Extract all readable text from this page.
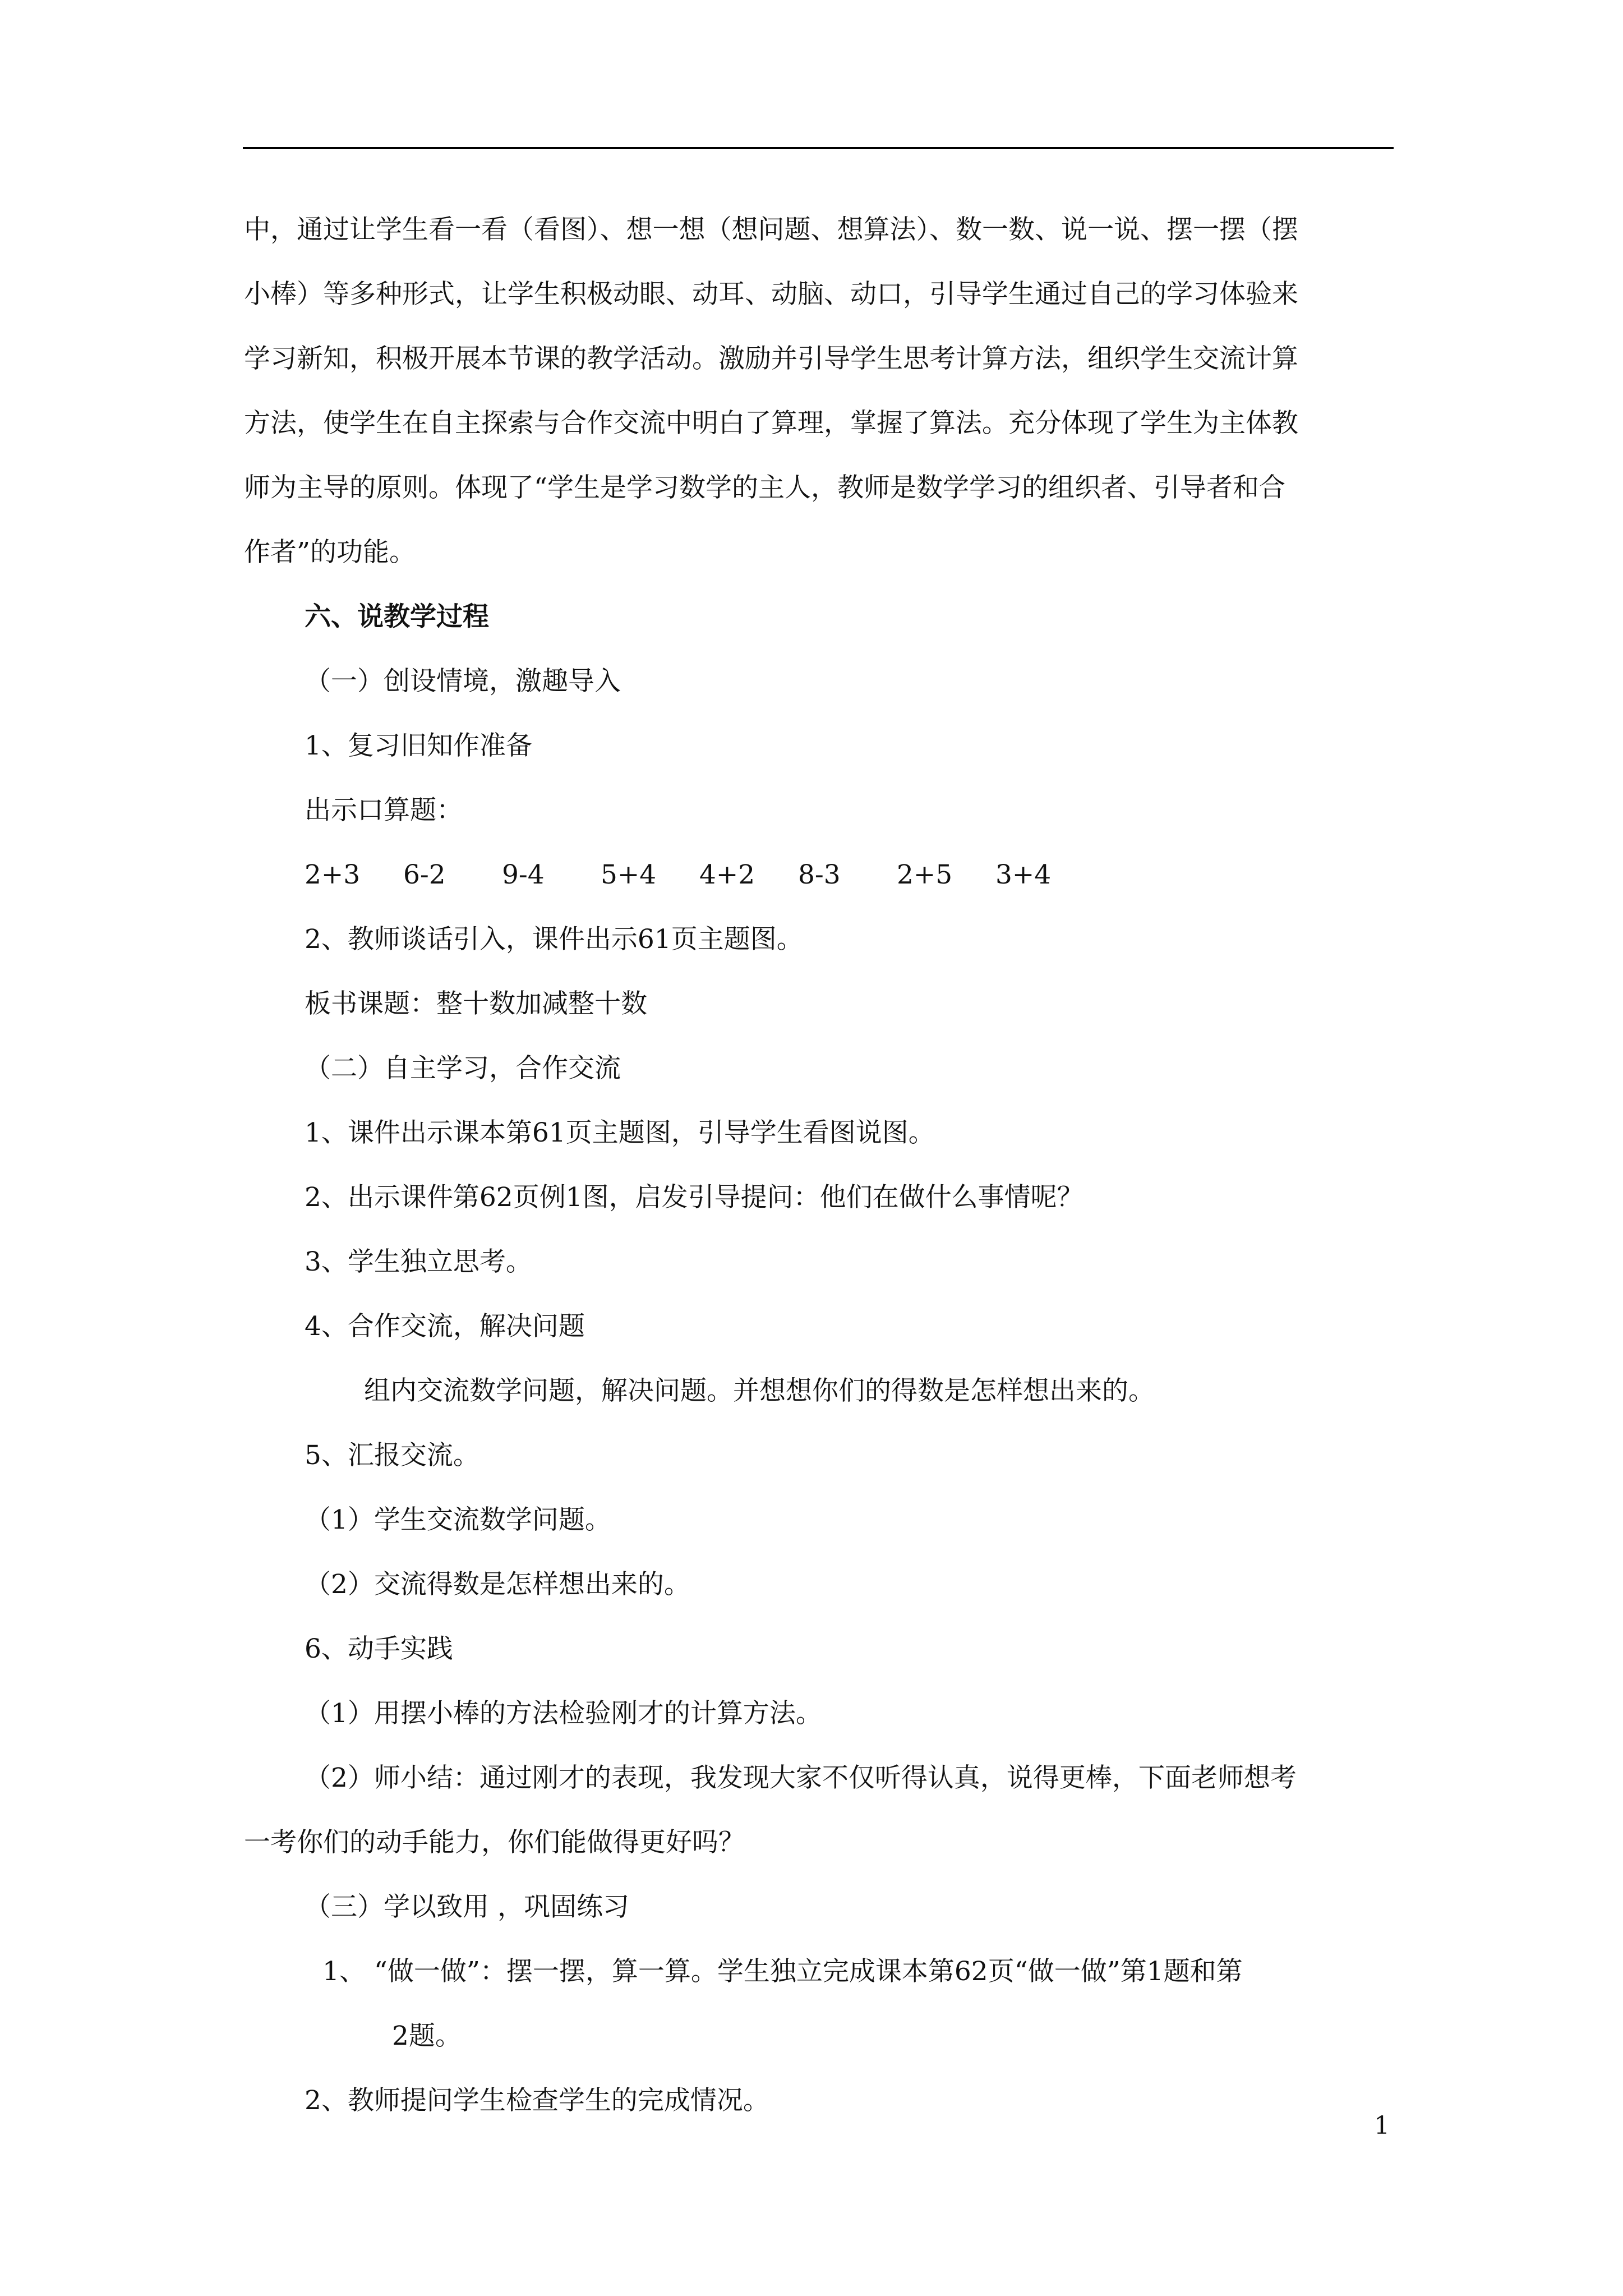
中，通过让学生看一看（看图）、想一想（想问题、想算法）、数一数、说一说、摆一摆（摆
小棒）等多种形式，让学生积极动眼、动耳、动脑、动口，引导学生通过自己的学习体验来
学习新知，积极开展本节课的教学活动。激励并引导学生思考计算方法，组织学生交流计算
方法，使学生在自主探索与合作交流中明白了算理，掌握了算法。充分体现了学生为主体教
师为主导的原则。体现了“学生是学习数学的主人，教师是数学学习的组织者、引导者和合
作者”的功能。
六、说教学过程
（一）创设情境，激趣导入
1、复习旧知作准备
出示口算题：
2+3 6-2 9-4 5+4 4+2 8-3 2+5 3+4
2、教师谈话引入，课件出示61页主题图。
板书课题：整十数加减整十数
（二）自主学习，合作交流
1、课件出示课本第61页主题图，引导学生看图说图。
2、出示课件第62页例1图，启发引导提问：他们在做什么事情呢？
3、学生独立思考。
4、合作交流，解决问题
组内交流数学问题，解决问题。并想想你们的得数是怎样想出来的。
5、汇报交流。
（1）学生交流数学问题。
（2）交流得数是怎样想出来的。
6、动手实践
（1）用摆小棒的方法检验刚才的计算方法。
（2）师小结：通过刚才的表现，我发现大家不仅听得认真，说得更棒，下面老师想考
一考你们的动手能力，你们能做得更好吗？
（三）学以致用 ，巩固练习
1、 “做一做”：摆一摆，算一算。学生独立完成课本第62页“做一做”第1题和第
2题。
2、教师提问学生检查学生的完成情况。
1
